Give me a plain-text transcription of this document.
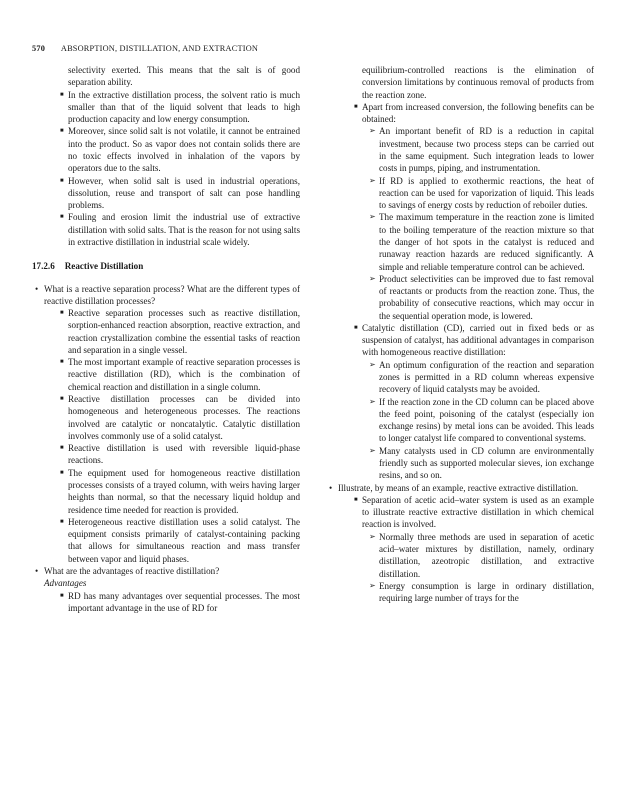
570 ABSORPTION, DISTILLATION, AND EXTRACTION

selectivity exerted. This means that the salt is of good separation ability.

■ In the extractive distillation process, the solvent ratio is much smaller than that of the liquid solvent that leads to high production capacity and low energy consumption.
■ Moreover, since solid salt is not volatile, it cannot be entrained into the product. So as vapor does not contain solids there are no toxic effects involved in inhalation of the vapors by operators due to the salts.
■ However, when solid salt is used in industrial operations, dissolution, reuse and transport of salt can pose handling problems.
■ Fouling and erosion limit the industrial use of extractive distillation with solid salts. That is the reason for not using salts in extractive distillation in industrial scale widely.

17.2.6 Reactive Distillation

• What is a reactive separation process? What are the different types of reactive distillation processes?
■ Reactive separation processes such as reactive distillation, sorption-enhanced reaction absorption, reactive extraction, and reaction crystallization combine the essential tasks of reaction and separation in a single vessel.
■ The most important example of reactive separation processes is reactive distillation (RD), which is the combination of chemical reaction and distillation in a single column.
■ Reactive distillation processes can be divided into homogeneous and heterogeneous processes. The reactions involved are catalytic or noncatalytic. Catalytic distillation involves commonly use of a solid catalyst.
■ Reactive distillation is used with reversible liquid-phase reactions.
■ The equipment used for homogeneous reactive distillation processes consists of a trayed column, with weirs having larger heights than normal, so that the necessary liquid holdup and residence time needed for reaction is provided.
■ Heterogeneous reactive distillation uses a solid catalyst. The equipment consists primarily of catalyst-containing packing that allows for simultaneous reaction and mass transfer between vapor and liquid phases.
• What are the advantages of reactive distillation?

Advantages

■ RD has many advantages over sequential processes. The most important advantage in the use of RD for

equilibrium-controlled reactions is the elimination of conversion limitations by continuous removal of products from the reaction zone.

■ Apart from increased conversion, the following benefits can be obtained:
➢ An important benefit of RD is a reduction in capital investment, because two process steps can be carried out in the same equipment. Such integration leads to lower costs in pumps, piping, and instrumentation.
➢ If RD is applied to exothermic reactions, the heat of reaction can be used for vaporization of liquid. This leads to savings of energy costs by reduction of reboiler duties.
➢ The maximum temperature in the reaction zone is limited to the boiling temperature of the reaction mixture so that the danger of hot spots in the catalyst is reduced and runaway reaction hazards are reduced significantly. A simple and reliable temperature control can be achieved.
➢ Product selectivities can be improved due to fast removal of reactants or products from the reaction zone. Thus, the probability of consecutive reactions, which may occur in the sequential operation mode, is lowered.
■ Catalytic distillation (CD), carried out in fixed beds or as suspension of catalyst, has additional advantages in comparison with homogeneous reactive distillation:
➢ An optimum configuration of the reaction and separation zones is permitted in a RD column whereas expensive recovery of liquid catalysts may be avoided.
➢ If the reaction zone in the CD column can be placed above the feed point, poisoning of the catalyst (especially ion exchange resins) by metal ions can be avoided. This leads to longer catalyst life compared to conventional systems.
➢ Many catalysts used in CD column are environmentally friendly such as supported molecular sieves, ion exchange resins, and so on.
• Illustrate, by means of an example, reactive extractive distillation.
■ Separation of acetic acid–water system is used as an example to illustrate reactive extractive distillation in which chemical reaction is involved.
➢ Normally three methods are used in separation of acetic acid–water mixtures by distillation, namely, ordinary distillation, azeotropic distillation, and extractive distillation.
➢ Energy consumption is large in ordinary distillation, requiring large number of trays for the
